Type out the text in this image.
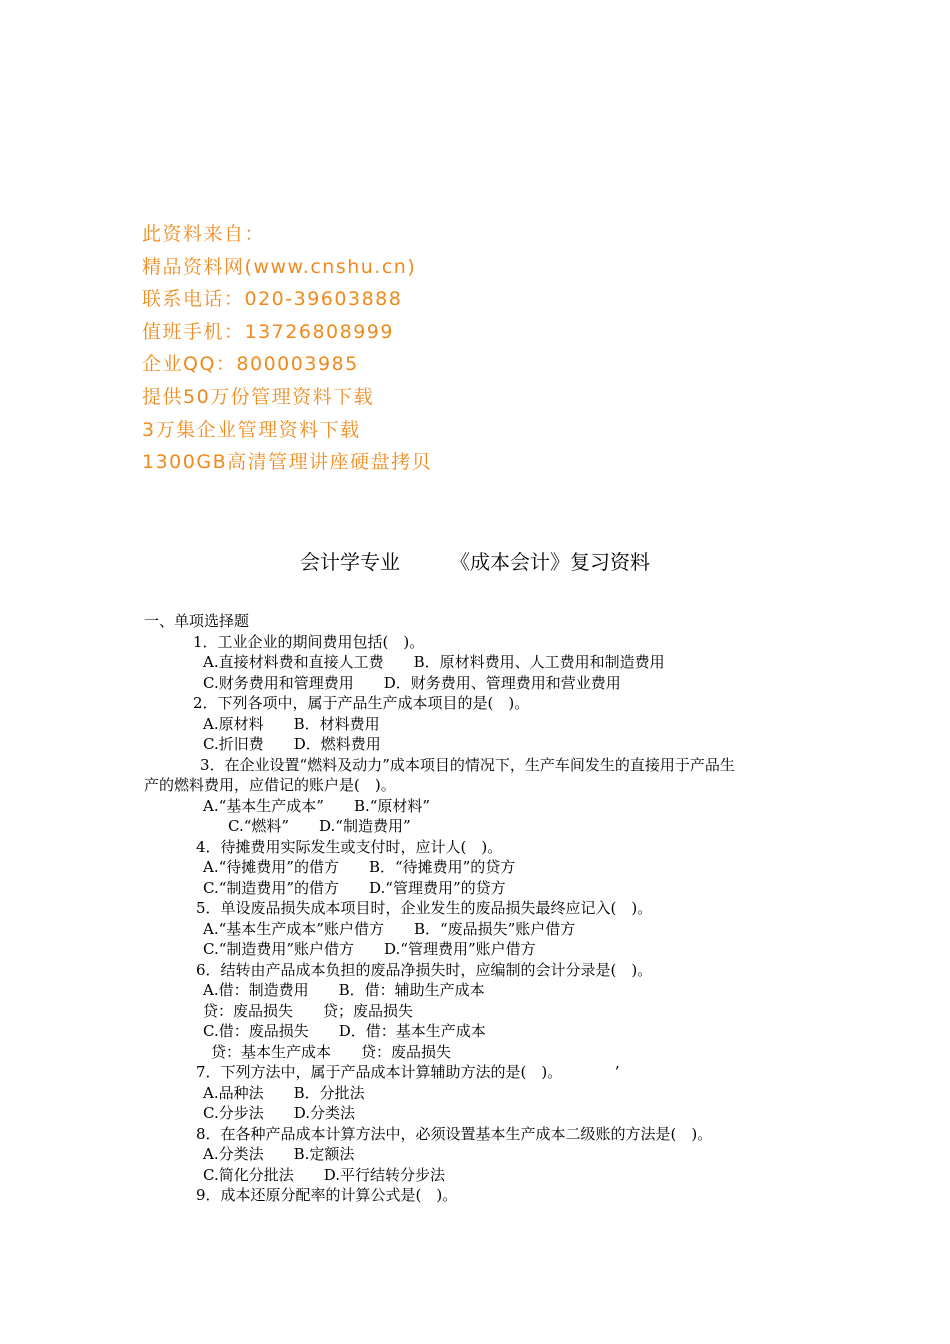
此资料来自：
精品资料网(www.cnshu.cn)
联系电话：020-39603888
值班手机：13726808999
企业QQ：800003985
提供50万份管理资料下载
3万集企业管理资料下载
1300GB高清管理讲座硬盘拷贝
会计学专业　　　《成本会计》复习资料
一、单项选择题
1．工业企业的期间费用包括(　)。
A.直接材料费和直接人工费　　B．原材料费用、人工费用和制造费用
C.财务费用和管理费用　　D．财务费用、管理费用和营业费用
2．下列各项中，属于产品生产成本项目的是(　)。
A.原材料　　B．材料费用
C.折旧费　　D．燃料费用
3．在企业设置“燃料及动力”成本项目的情况下，生产车间发生的直接用于产品生
产的燃料费用，应借记的账户是(　)。
A.“基本生产成本”　　B.“原材料”
C.“燃料”　　D.“制造费用”
4．待摊费用实际发生或支付时，应计人(　)。
A.“待摊费用”的借方　　B．“待摊费用”的贷方
C.“制造费用”的借方　　D.“管理费用”的贷方
5．单设废品损失成本项目时，企业发生的废品损失最终应记入(　)。
A.“基本生产成本”账户借方　　B．“废品损失”账户借方
C.“制造费用”账户借方　　D.“管理费用”账户借方
6．结转由产品成本负担的废品净损失时，应编制的会计分录是(　)。
A.借：制造费用　　B．借：辅助生产成本
贷：废品损失　　贷；废品损失
C.借：废品损失　　D．借：基本生产成本
贷：基本生产成本　　贷：废品损失
7．下列方法中，属于产品成本计算辅助方法的是(　)。　　　　’
A.品种法　　B．分批法
C.分步法　　D.分类法
8．在各种产品成本计算方法中，必须设置基本生产成本二级账的方法是(　)。
A.分类法　　B.定额法
C.简化分批法　　D.平行结转分步法
9．成本还原分配率的计算公式是(　)。
